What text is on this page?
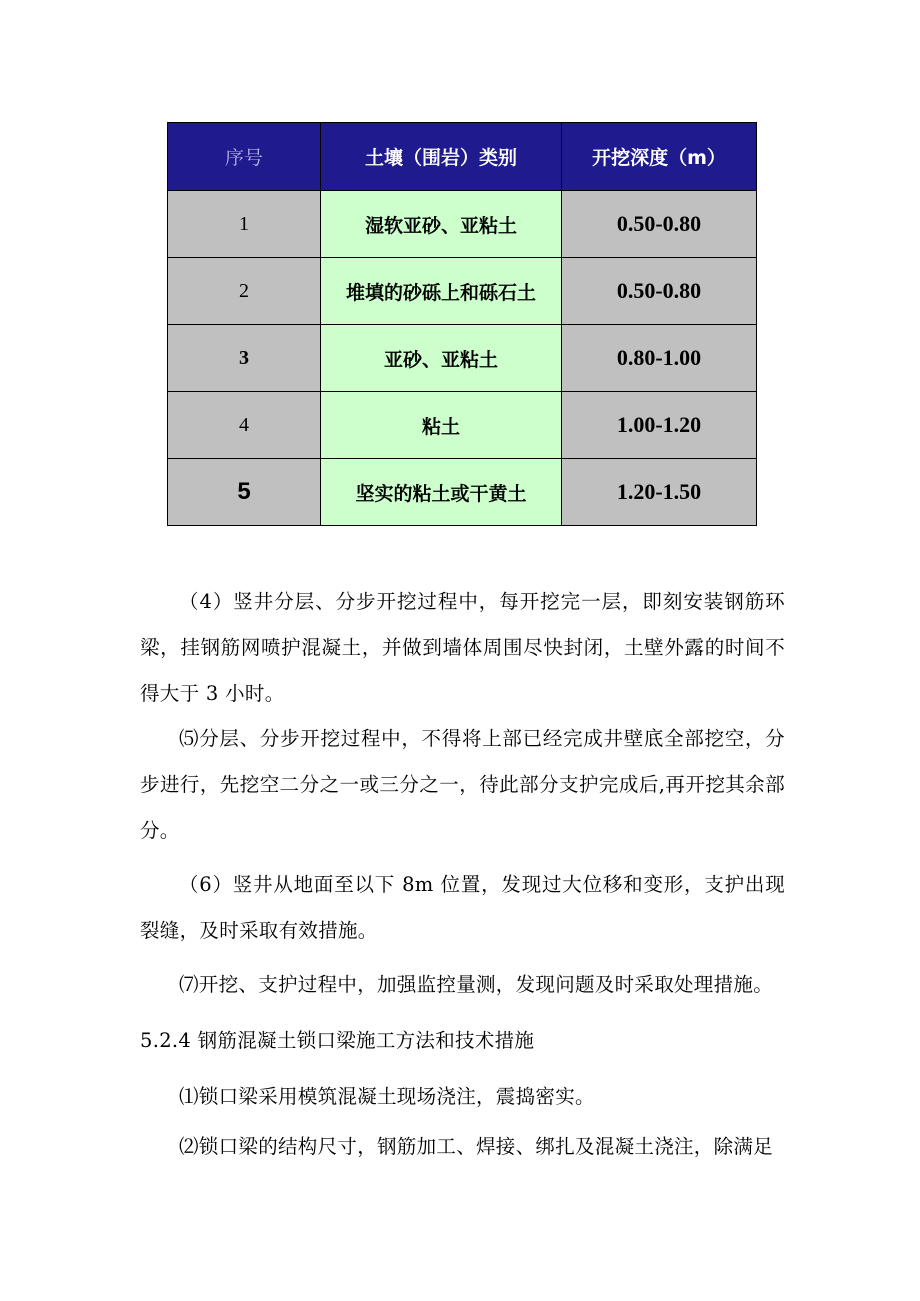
序号	土壤（围岩）类别	开挖深度（m）
1	湿软亚砂、亚粘土	0.50-0.80
2	堆填的砂砾上和砾石土	0.50-0.80
3	亚砂、亚粘土	0.80-1.00
4	粘土	1.00-1.20
5	坚实的粘土或干黄土	1.20-1.50

（4）竖井分层、分步开挖过程中，每开挖完一层，即刻安装钢筋环梁，挂钢筋网喷护混凝土，并做到墙体周围尽快封闭，土壁外露的时间不得大于 3 小时。

⑸分层、分步开挖过程中，不得将上部已经完成井壁底全部挖空，分步进行，先挖空二分之一或三分之一，待此部分支护完成后,再开挖其余部分。

（6）竖井从地面至以下 8m 位置，发现过大位移和变形，支护出现裂缝，及时采取有效措施。

⑺开挖、支护过程中，加强监控量测，发现问题及时采取处理措施。

5.2.4 钢筋混凝土锁口梁施工方法和技术措施

⑴锁口梁采用模筑混凝土现场浇注，震捣密实。

⑵锁口梁的结构尺寸，钢筋加工、焊接、绑扎及混凝土浇注，除满足
